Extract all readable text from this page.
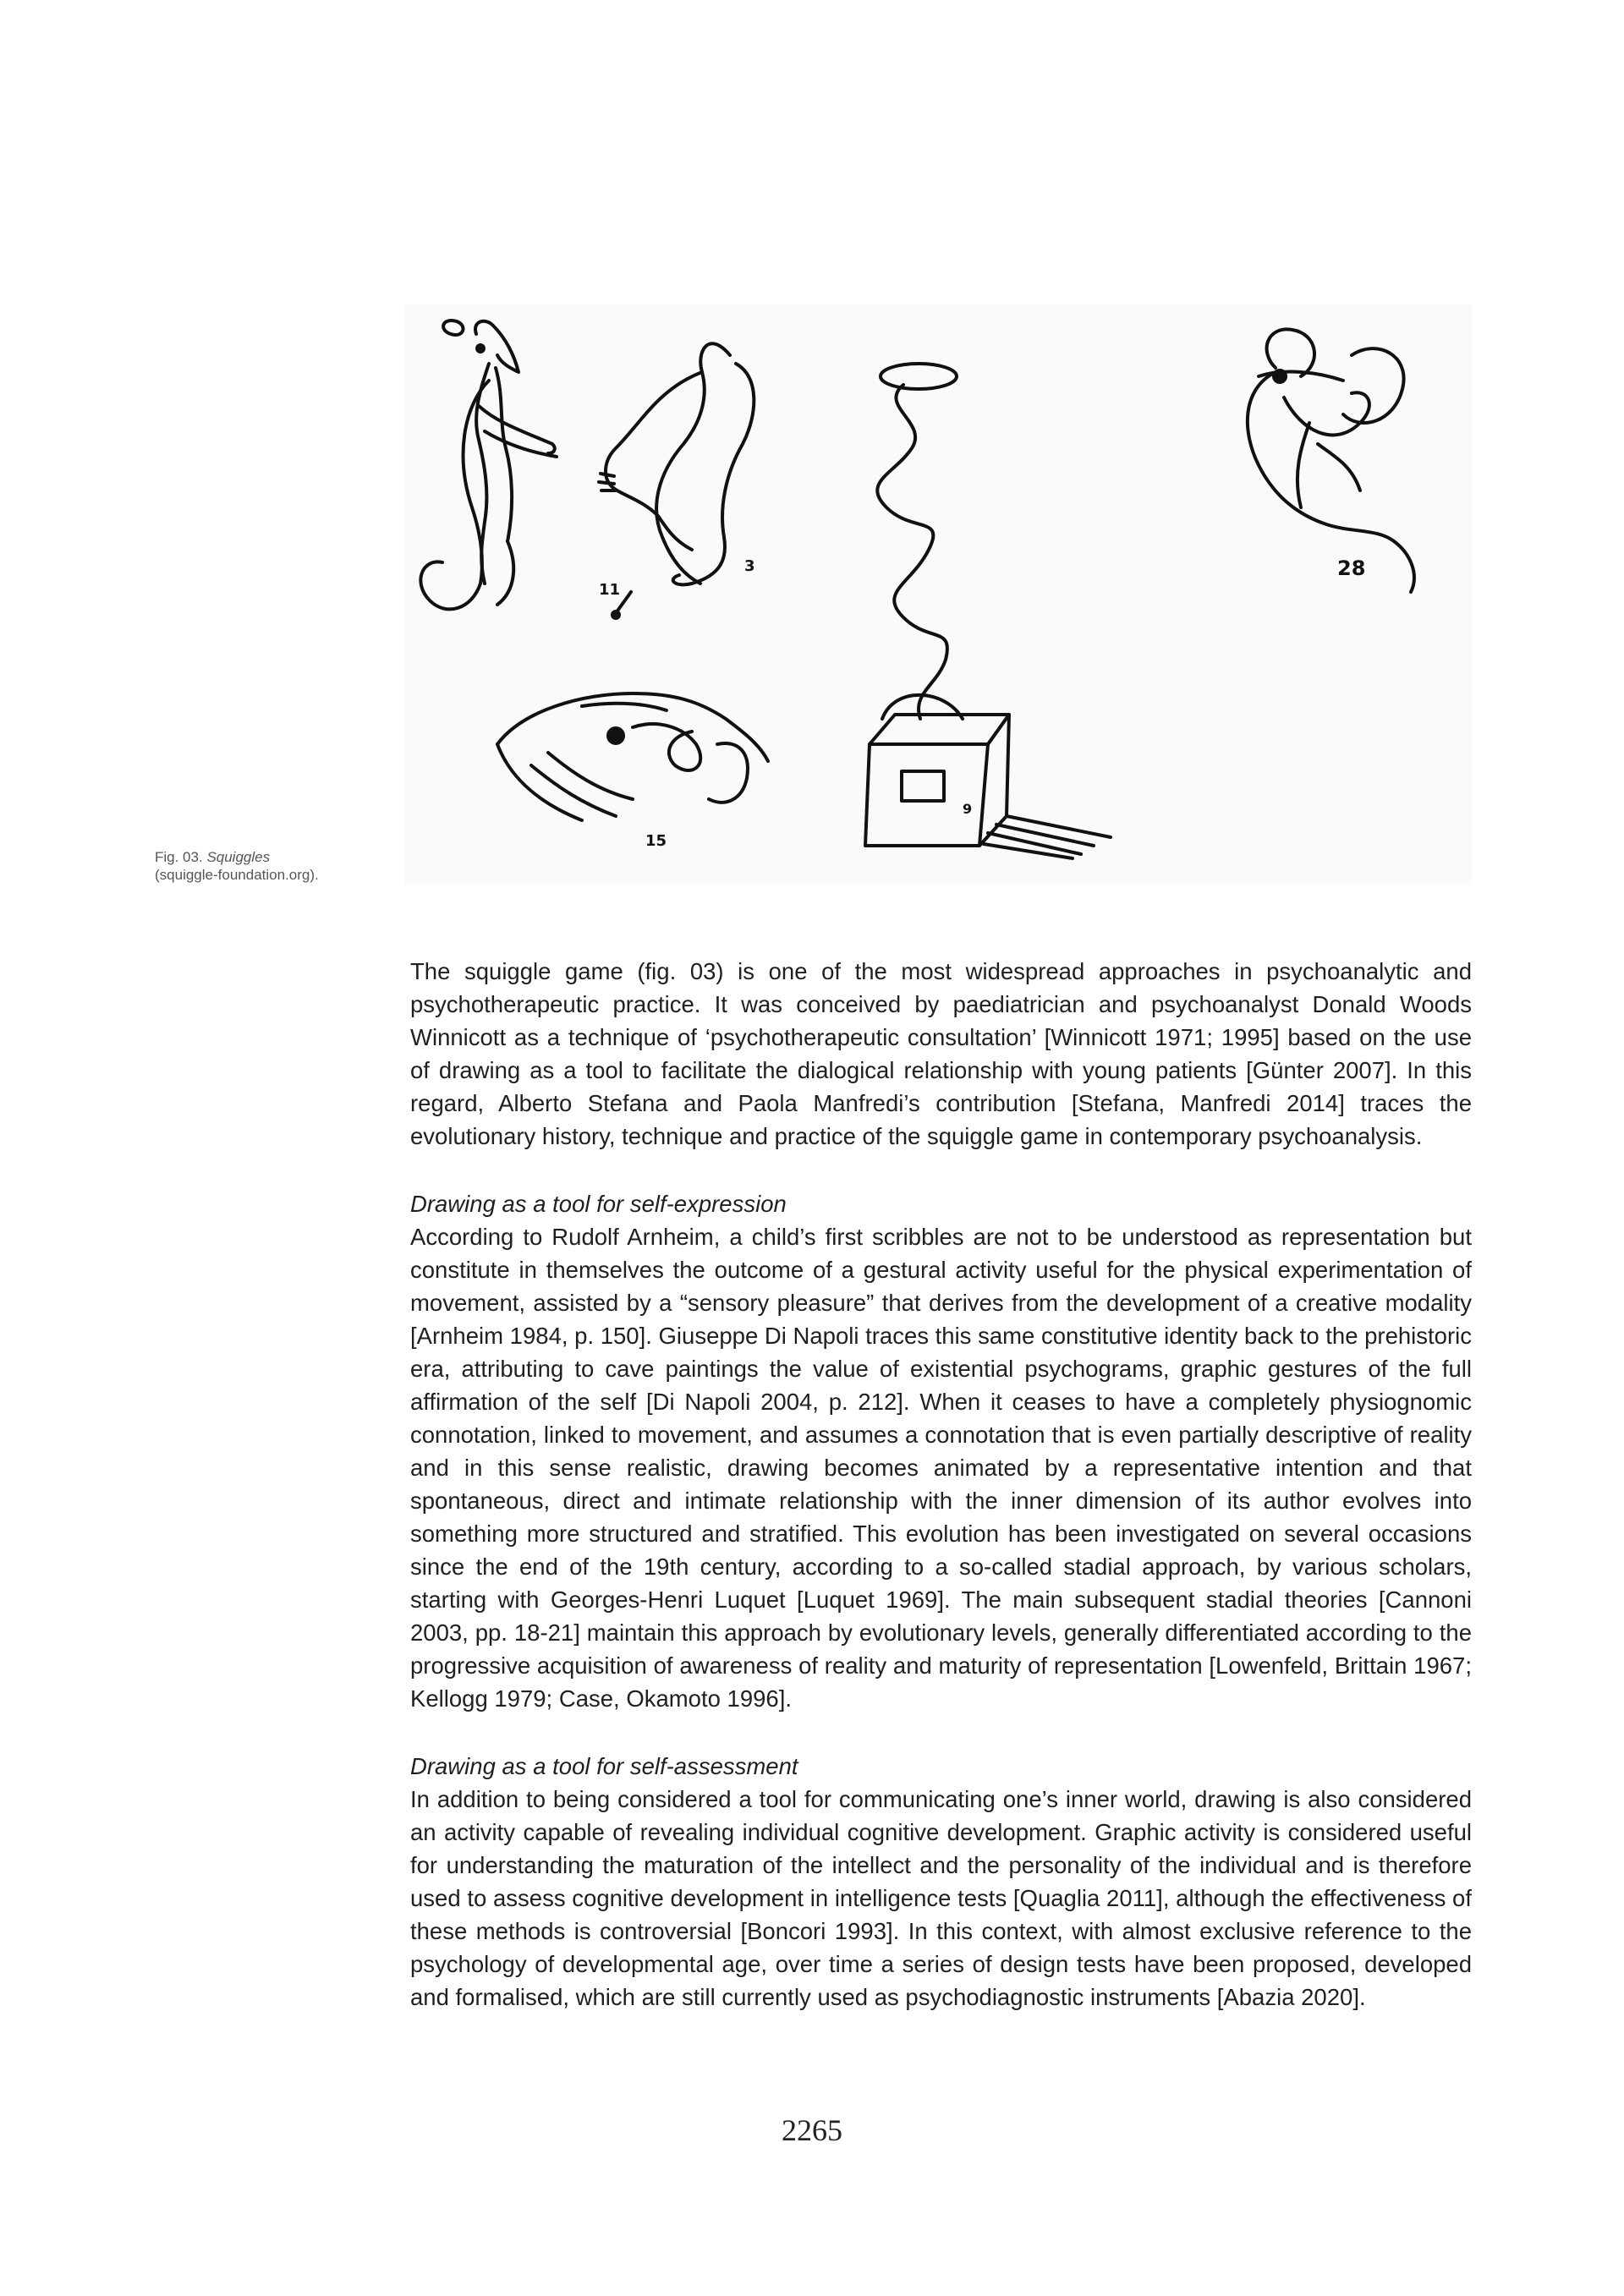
11
3	28
15
9
Fig. 03. Squiggles
(squiggle-foundation.org).

The squiggle game (fig. 03) is one of the most widespread approaches in psychoanalytic and psychotherapeutic practice. It was conceived by paediatrician and psychoanalyst Donald Woods Winnicott as a technique of ‘psychotherapeutic consultation’ [Winnicott 1971; 1995] based on the use of drawing as a tool to facilitate the dialogical relationship with young patients [Günter 2007]. In this regard, Alberto Stefana and Paola Manfredi’s contribution [Stefana, Manfredi 2014] traces the evolutionary history, technique and practice of the squiggle game in contemporary psychoanalysis.

Drawing as a tool for self-expression

According to Rudolf Arnheim, a child’s first scribbles are not to be understood as representation but constitute in themselves the outcome of a gestural activity useful for the physical experimentation of movement, assisted by a “sensory pleasure” that derives from the development of a creative modality [Arnheim 1984, p. 150]. Giuseppe Di Napoli traces this same constitutive identity back to the prehistoric era, attributing to cave paintings the value of existential psychograms, graphic gestures of the full affirmation of the self [Di Napoli 2004, p. 212]. When it ceases to have a completely physiognomic connotation, linked to movement, and assumes a connotation that is even partially descriptive of reality and in this sense realistic, drawing becomes animated by a representative intention and that spontaneous, direct and intimate relationship with the inner dimension of its author evolves into something more structured and stratified. This evolution has been investigated on several occasions since the end of the 19th century, according to a so-called stadial approach, by various scholars, starting with Georges-Henri Luquet [Luquet 1969]. The main subsequent stadial theories [Cannoni 2003, pp. 18-21] maintain this approach by evolutionary levels, generally differentiated according to the progressive acquisition of awareness of reality and maturity of representation [Lowenfeld, Brittain 1967; Kellogg 1979; Case, Okamoto 1996].

Drawing as a tool for self-assessment

In addition to being considered a tool for communicating one’s inner world, drawing is also considered an activity capable of revealing individual cognitive development. Graphic activity is considered useful for understanding the maturation of the intellect and the personality of the individual and is therefore used to assess cognitive development in intelligence tests [Quaglia 2011], although the effectiveness of these methods is controversial [Boncori 1993]. In this context, with almost exclusive reference to the psychology of developmental age, over time a series of design tests have been proposed, developed and formalised, which are still currently used as psychodiagnostic instruments [Abazia 2020].

2265
